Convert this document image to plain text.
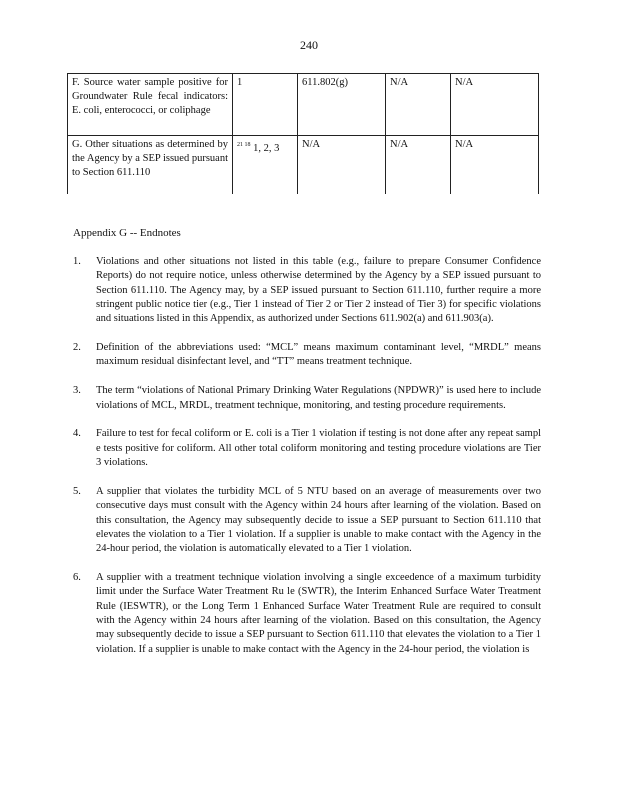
240
F. Source water sample positive for Groundwater Rule fecal indicators: E. coli, enterococci, or coliphage	1	611.802(g)	N/A	N/A
G. Other situations as determined by the Agency by a SEP issued pursuant to Section 611.110	$^{21 18}$ 1, 2, 3	N/A	N/A	N/A
Appendix G -- Endnotes
1. Violations and other situations not listed in this table (e.g., failure to prepare Consumer Confidence Reports) do not require notice, unless otherwise determined by the Agency by a SEP issued pursuant to Section 611.110. The Agency may, by a SEP issued pursuant to Section 611.110, further require a more stringent public notice tier (e.g., Tier 1 instead of Tier 2 or Tier 2 instead of Tier 3) for specific violations and situations listed in this Appendix, as authorized under Sections 611.902(a) and 611.903(a).
2. Definition of the abbreviations used: “MCL” means maximum contaminant level, “MRDL” means maximum residual disinfectant level, and “TT” means treatment technique.
3. The term “violations of National Primary Drinking Water Regulations (NPDWR)” is used here to include violations of MCL, MRDL, treatment technique, monitoring, and testing procedure requirements.
4. Failure to test for fecal coliform or E. coli is a Tier 1 violation if testing is not done after any repeat sampl e tests positive for coliform. All other total coliform monitoring and testing procedure violations are Tier 3 violations.
5. A supplier that violates the turbidity MCL of 5 NTU based on an average of measurements over two consecutive days must consult with the Agency within 24 hours after learning of the violation. Based on this consultation, the Agency may subsequently decide to issue a SEP pursuant to Section 611.110 that elevates the violation to a Tier 1 violation. If a supplier is unable to make contact with the Agency in the 24-hour period, the violation is automatically elevated to a Tier 1 violation.
6. A supplier with a treatment technique violation involving a single exceedence of a maximum turbidity limit under the Surface Water Treatment Ru le (SWTR), the Interim Enhanced Surface Water Treatment Rule (IESWTR), or the Long Term 1 Enhanced Surface Water Treatment Rule are required to consult with the Agency within 24 hours after learning of the violation. Based on this consultation, the Agency may subsequently decide to issue a SEP pursuant to Section 611.110 that elevates the violation to a Tier 1 violation. If a supplier is unable to make contact with the Agency in the 24-hour period, the violation is
